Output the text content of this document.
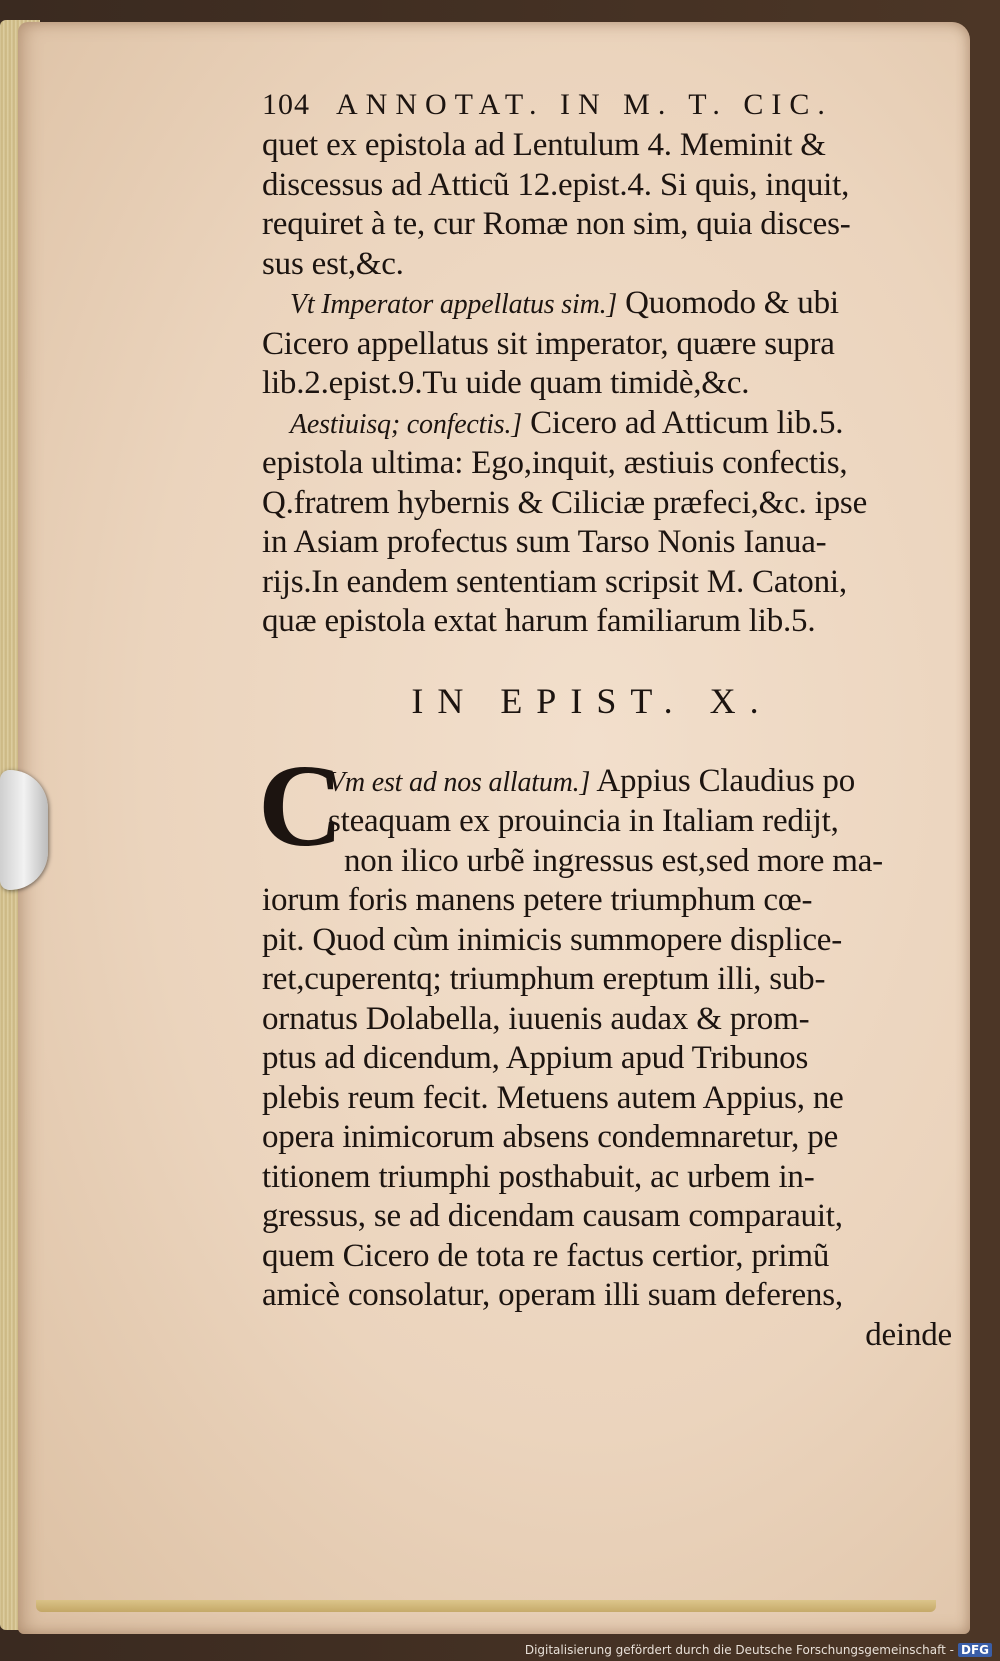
104 ANNOTAT. IN M. T. CIC.
quet ex epistola ad Lentulum 4. Meminit &
discessus ad Atticũ 12.epist.4. Si quis, inquit,
requiret à te, cur Romæ non sim, quia disces-
sus est,&c.
Vt Imperator appellatus sim.] Quomodo & ubi
Cicero appellatus sit imperator, quære supra
lib.2.epist.9.Tu uide quam timidè,&c.
Aestiuisq; confectis.] Cicero ad Atticum lib.5.
epistola ultima: Ego,inquit, æstiuis confectis,
Q.fratrem hybernis & Ciliciæ præfeci,&c. ipse
in Asiam profectus sum Tarso Nonis Ianua-
rijs.In eandem sententiam scripsit M. Catoni,
quæ epistola extat harum familiarum lib.5.
IN EPIST. X.
C
Vm est ad nos allatum.] Appius Claudius po
steaquam ex prouincia in Italiam redijt,
non ilico urbẽ ingressus est,sed more ma-
iorum foris manens petere triumphum cœ-
pit. Quod cùm inimicis summopere displice-
ret,cuperentq; triumphum ereptum illi, sub-
ornatus Dolabella, iuuenis audax & prom-
ptus ad dicendum, Appium apud Tribunos
plebis reum fecit. Metuens autem Appius, ne
opera inimicorum absens condemnaretur, pe
titionem triumphi posthabuit, ac urbem in-
gressus, se ad dicendam causam comparauit,
quem Cicero de tota re factus certior, primũ
amicè consolatur, operam illi suam deferens,
deinde
Digitalisierung gefördert durch die Deutsche Forschungsgemeinschaft - DFG
